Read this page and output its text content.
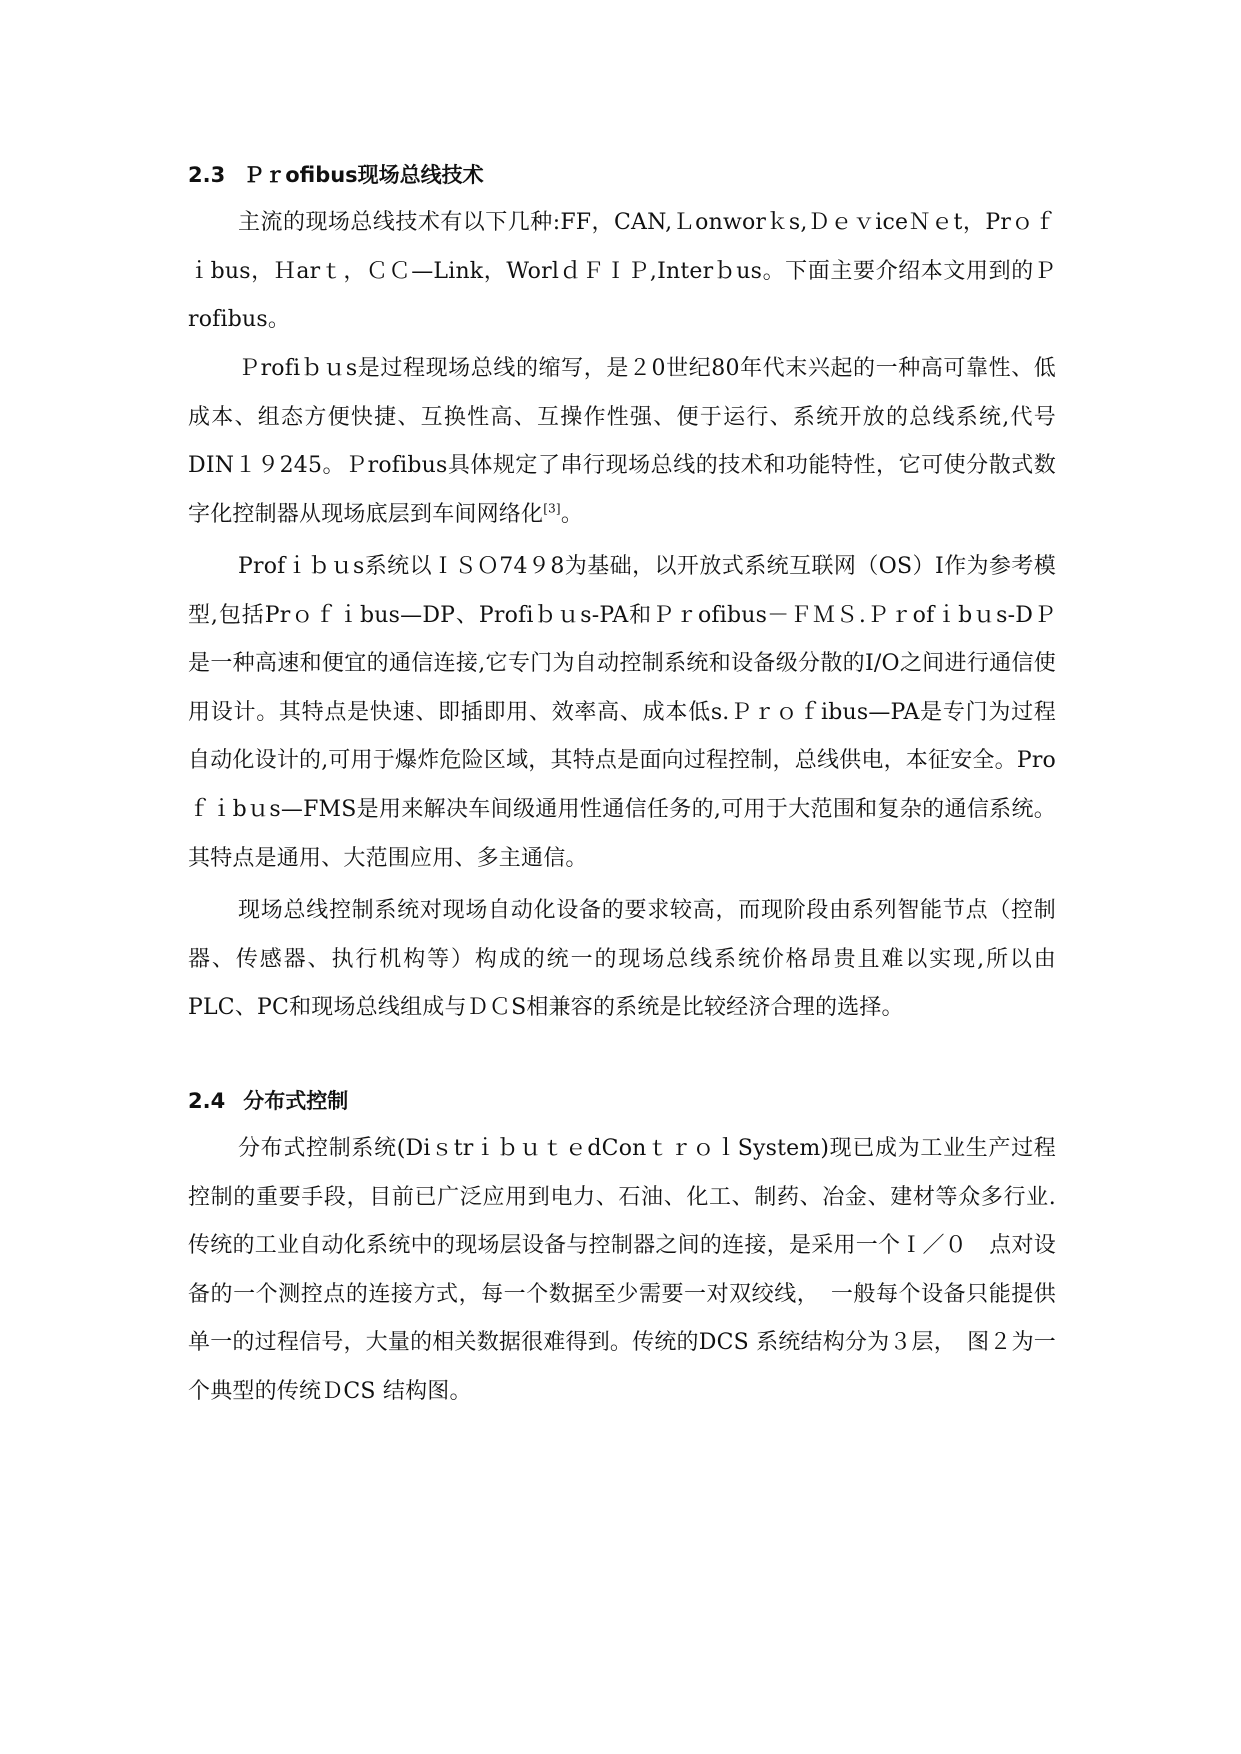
2.3 Ｐｒofibus现场总线技术

主流的现场总线技术有以下几种:FF，CAN,Ｌonworｋs,ＤｅｖiceＮｅt，Prｏｆｉbus，Ｈarｔ，ＣＣ—Link，WorlｄＦＩＰ,Interｂus。下面主要介绍本文用到的Ｐrofibus。

Ｐrofiｂｕs是过程现场总线的缩写，是２0世纪80年代末兴起的一种高可靠性、低成本、组态方便快捷、互换性高、互操作性强、便于运行、系统开放的总线系统,代号DIN１９245。Ｐrofibus具体规定了串行现场总线的技术和功能特性，它可使分散式数字化控制器从现场底层到车间网络化[3]。

Profｉｂｕs系统以ＩＳＯ74９8为基础，以开放式系统互联网（OS）I作为参考模型,包括Prｏｆｉbus—DP、Profiｂｕs-PA和Ｐｒofibus－ＦＭＳ.Ｐｒofｉbｕs-DＰ是一种高速和便宜的通信连接,它专门为自动控制系统和设备级分散的I/O之间进行通信使用设计。其特点是快速、即插即用、效率高、成本低s.Ｐｒｏｆibus—PA是专门为过程自动化设计的,可用于爆炸危险区域，其特点是面向过程控制，总线供电，本征安全。Proｆｉbｕs—FMS是用来解决车间级通用性通信任务的,可用于大范围和复杂的通信系统。其特点是通用、大范围应用、多主通信。

现场总线控制系统对现场自动化设备的要求较高，而现阶段由系列智能节点（控制器、传感器、执行机构等）构成的统一的现场总线系统价格昂贵且难以实现,所以由PLC、PC和现场总线组成与ＤＣS相兼容的系统是比较经济合理的选择。

2.4 分布式控制

分布式控制系统(DiｓtrｉｂｕｔｅdConｔｒｏｌSystem)现已成为工业生产过程控制的重要手段，目前已广泛应用到电力、石油、化工、制药、冶金、建材等众多行业.传统的工业自动化系统中的现场层设备与控制器之间的连接，是采用一个Ｉ／０　点对设备的一个测控点的连接方式，每一个数据至少需要一对双绞线，　一般每个设备只能提供单一的过程信号，大量的相关数据很难得到。传统的DCS 系统结构分为３层，　图２为一个典型的传统ＤCS 结构图。
